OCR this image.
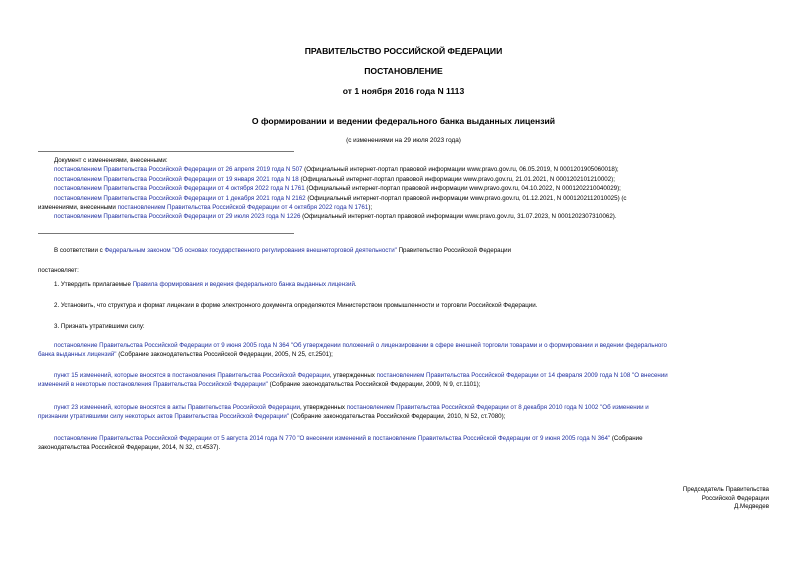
ПРАВИТЕЛЬСТВО РОССИЙСКОЙ ФЕДЕРАЦИИ
ПОСТАНОВЛЕНИЕ
от 1 ноября 2016 года N 1113
О формировании и ведении федерального банка выданных лицензий
(с изменениями на 29 июля 2023 года)
Документ с изменениями, внесенными:
постановлением Правительства Российской Федерации от 26 апреля 2019 года N 507 (Официальный интернет-портал правовой информации www.pravo.gov.ru, 06.05.2019, N 0001201905060018);
постановлением Правительства Российской Федерации от 19 января 2021 года N 18 (Официальный интернет-портал правовой информации www.pravo.gov.ru, 21.01.2021, N 0001202101210002);
постановлением Правительства Российской Федерации от 4 октября 2022 года N 1761 (Официальный интернет-портал правовой информации www.pravo.gov.ru, 04.10.2022, N 0001202210040029);
постановлением Правительства Российской Федерации от 1 декабря 2021 года N 2162 (Официальный интернет-портал правовой информации www.pravo.gov.ru, 01.12.2021, N 0001202112010025) (с
изменениями, внесенными постановлением Правительства Российской Федерации от 4 октября 2022 года N 1761);
постановлением Правительства Российской Федерации от 29 июля 2023 года N 1226 (Официальный интернет-портал правовой информации www.pravo.gov.ru, 31.07.2023, N 0001202307310062).
В соответствии с Федеральным законом "Об основах государственного регулирования внешнеторговой деятельности" Правительство Российской Федерации
постановляет:
1. Утвердить прилагаемые Правила формирования и ведения федерального банка выданных лицензий.
2. Установить, что структура и формат лицензии в форме электронного документа определяются Министерством промышленности и торговли Российской Федерации.
3. Признать утратившими силу:
постановление Правительства Российской Федерации от 9 июня 2005 года N 364 "Об утверждении положений о лицензировании в сфере внешней торговли товарами и о формировании и ведении федерального
банка выданных лицензий" (Собрание законодательства Российской Федерации, 2005, N 25, ст.2501);
пункт 15 изменений, которые вносятся в постановления Правительства Российской Федерации, утвержденных постановлением Правительства Российской Федерации от 14 февраля 2009 года N 108 "О внесении
изменений в некоторые постановления Правительства Российской Федерации" (Собрание законодательства Российской Федерации, 2009, N 9, ст.1101);
пункт 23 изменений, которые вносятся в акты Правительства Российской Федерации, утвержденных постановлением Правительства Российской Федерации от 8 декабря 2010 года N 1002 "Об изменении и
признании утратившими силу некоторых актов Правительства Российской Федерации" (Собрание законодательства Российской Федерации, 2010, N 52, ст.7080);
постановление Правительства Российской Федерации от 5 августа 2014 года N 770 "О внесении изменений в постановление Правительства Российской Федерации от 9 июня 2005 года N 364" (Собрание
законодательства Российской Федерации, 2014, N 32, ст.4537).
Председатель Правительства
Российской Федерации
Д.Медведев
